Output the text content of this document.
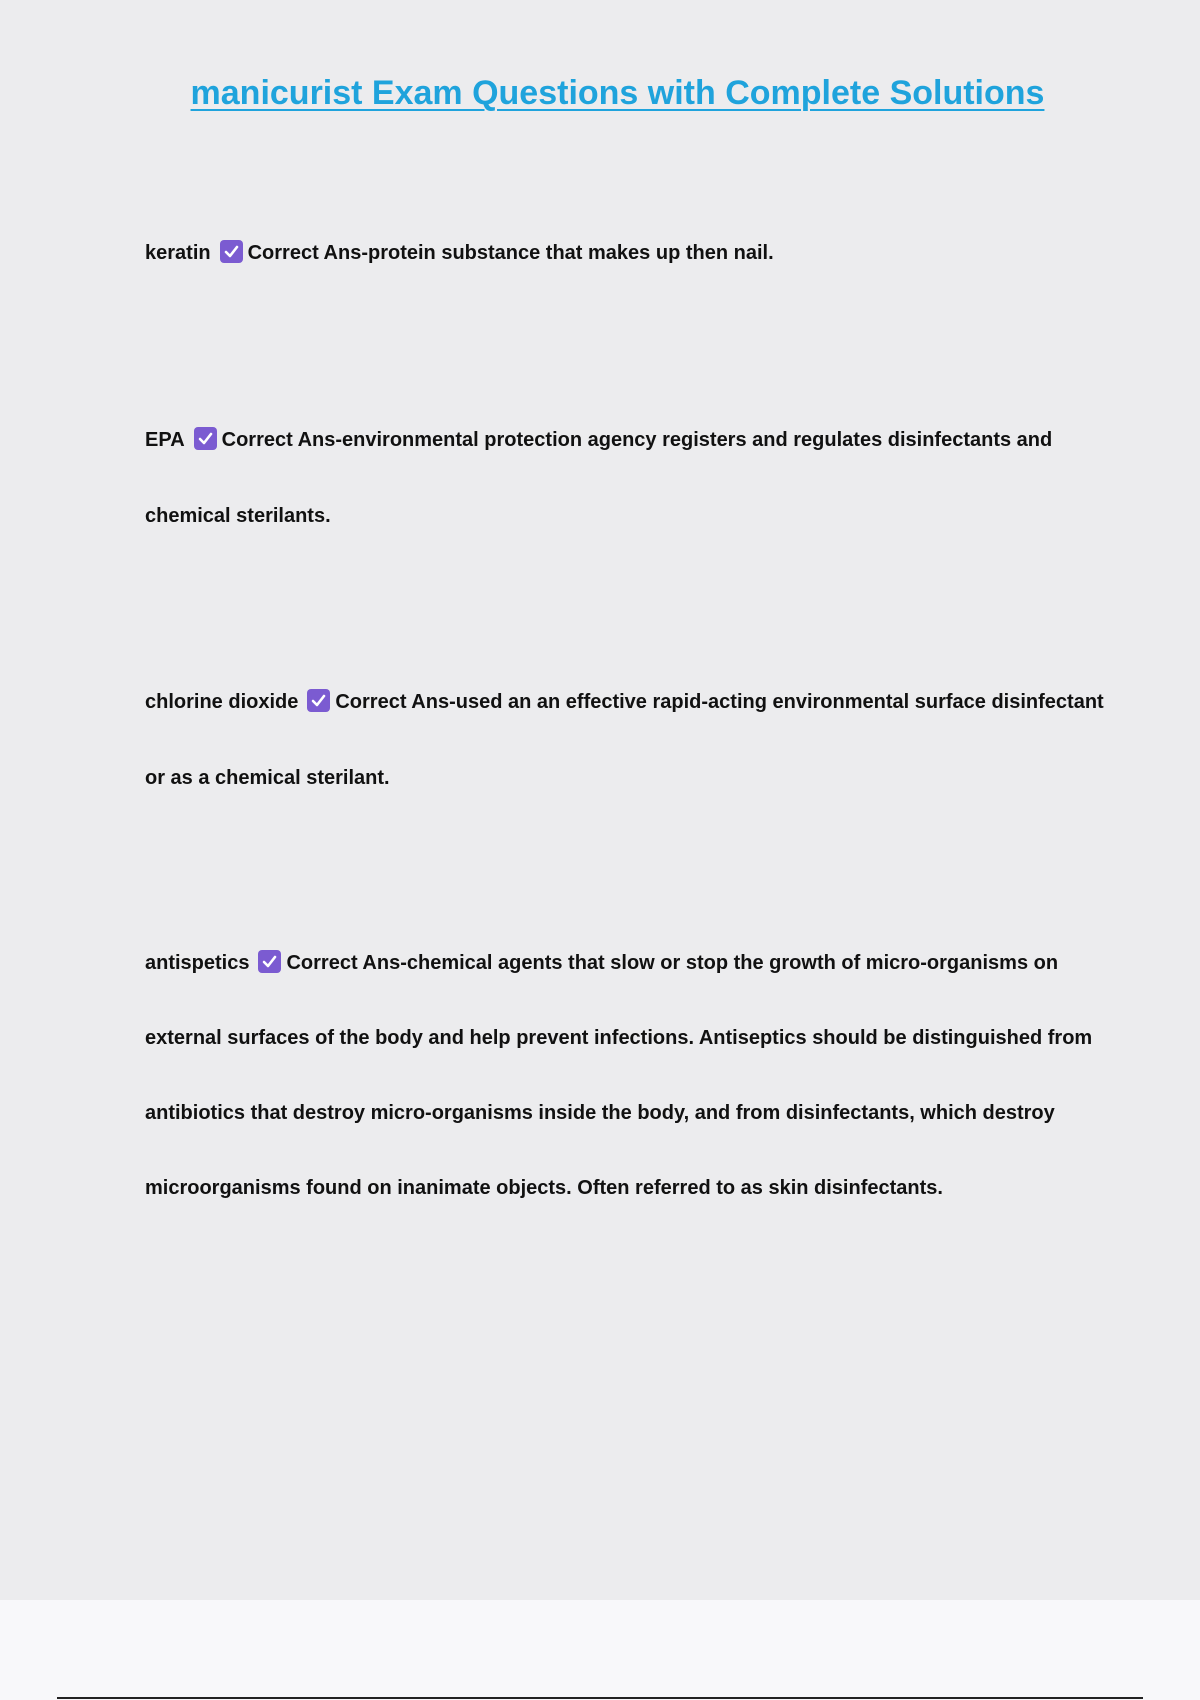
manicurist Exam Questions with Complete Solutions

keratin Correct Ans-protein substance that makes up then nail.

EPA Correct Ans-environmental protection agency registers and regulates disinfectants and chemical sterilants.

chlorine dioxide Correct Ans-used an an effective rapid-acting environmental surface disinfectant or as a chemical sterilant.

antispetics Correct Ans-chemical agents that slow or stop the growth of micro-organisms on external surfaces of the body and help prevent infections. Antiseptics should be distinguished from antibiotics that destroy micro-organisms inside the body, and from disinfectants, which destroy microorganisms found on inanimate objects. Often referred to as skin disinfectants.
